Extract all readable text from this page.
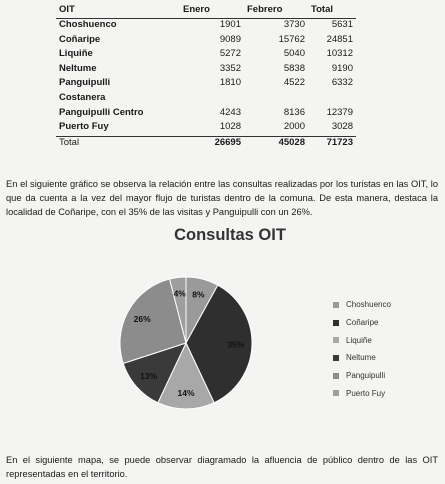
OIT	Enero	Febrero	Total
Choshuenco	1901	3730	5631
Coñaripe	9089	15762	24851
Liquiñe	5272	5040	10312
Neltume	3352	5838	9190
Panguipulli	1810	4522	6332
Costanera			
Panguipulli Centro	4243	8136	12379
Puerto Fuy	1028	2000	3028
Total	26695	45028	71723

En el siguiente gráfico se observa la relación entre las consultas realizadas por los turistas en las OIT, lo que da cuenta a la vez del mayor flujo de turistas dentro de la comuna. De esta manera, destaca la localidad de Coñaripe, con el 35% de las visitas y Panguipulli con un 26%.

8%
35%
14%
13%
26%
4%
Consultas OIT
Choshuenco
Coñaripe
Liquiñe
Neltume
Panguipulli
Puerto Fuy

En el siguiente mapa, se puede observar diagramado la afluencia de público dentro de las OIT representadas en el territorio.
